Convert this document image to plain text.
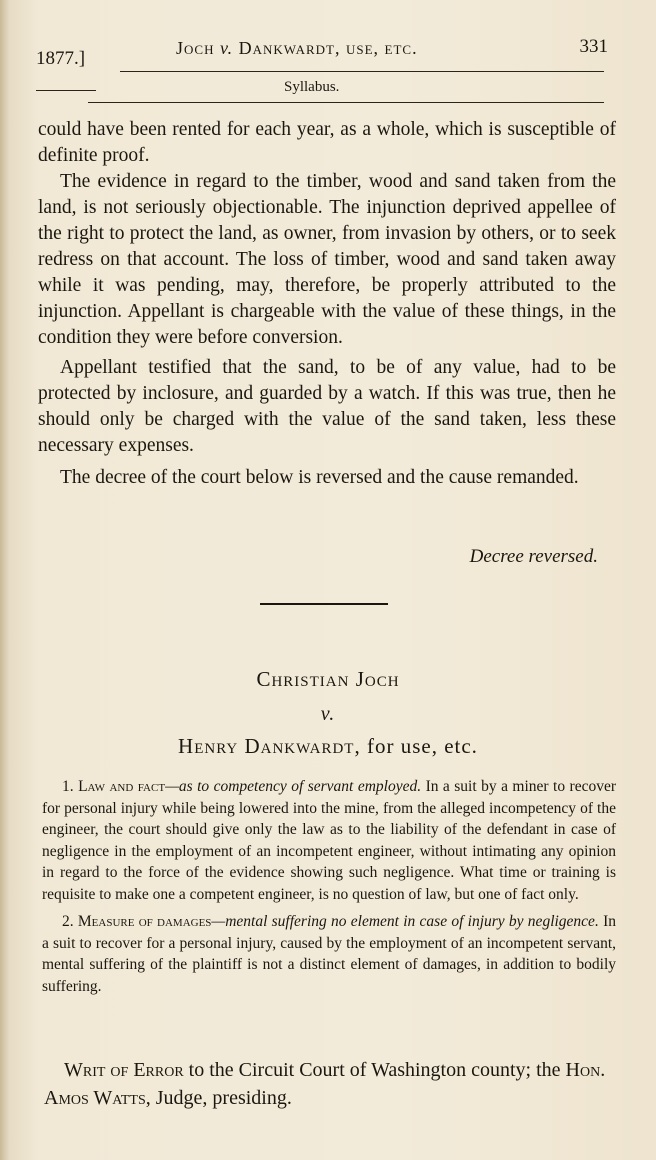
1877.]	Joch v. Dankwardt, use, etc.	331
Syllabus.

could have been rented for each year, as a whole, which is susceptible of definite proof.

The evidence in regard to the timber, wood and sand taken from the land, is not seriously objectionable. The injunction deprived appellee of the right to protect the land, as owner, from invasion by others, or to seek redress on that account. The loss of timber, wood and sand taken away while it was pending, may, therefore, be properly attributed to the injunction. Appellant is chargeable with the value of these things, in the condition they were before conversion.

Appellant testified that the sand, to be of any value, had to be protected by inclosure, and guarded by a watch. If this was true, then he should only be charged with the value of the sand taken, less these necessary expenses.

The decree of the court below is reversed and the cause remanded.

Decree reversed.
Christian Joch
v.
Henry Dankwardt, for use, etc.

1. Law and fact—as to competency of servant employed. In a suit by a miner to recover for personal injury while being lowered into the mine, from the alleged incompetency of the engineer, the court should give only the law as to the liability of the defendant in case of negligence in the employment of an incompetent engineer, without intimating any opinion in regard to the force of the evidence showing such negligence. What time or training is requisite to make one a competent engineer, is no question of law, but one of fact only.

2. Measure of damages—mental suffering no element in case of injury by negligence. In a suit to recover for a personal injury, caused by the employment of an incompetent servant, mental suffering of the plaintiff is not a distinct element of damages, in addition to bodily suffering.

Writ of Error to the Circuit Court of Washington county; the Hon. Amos Watts, Judge, presiding.
